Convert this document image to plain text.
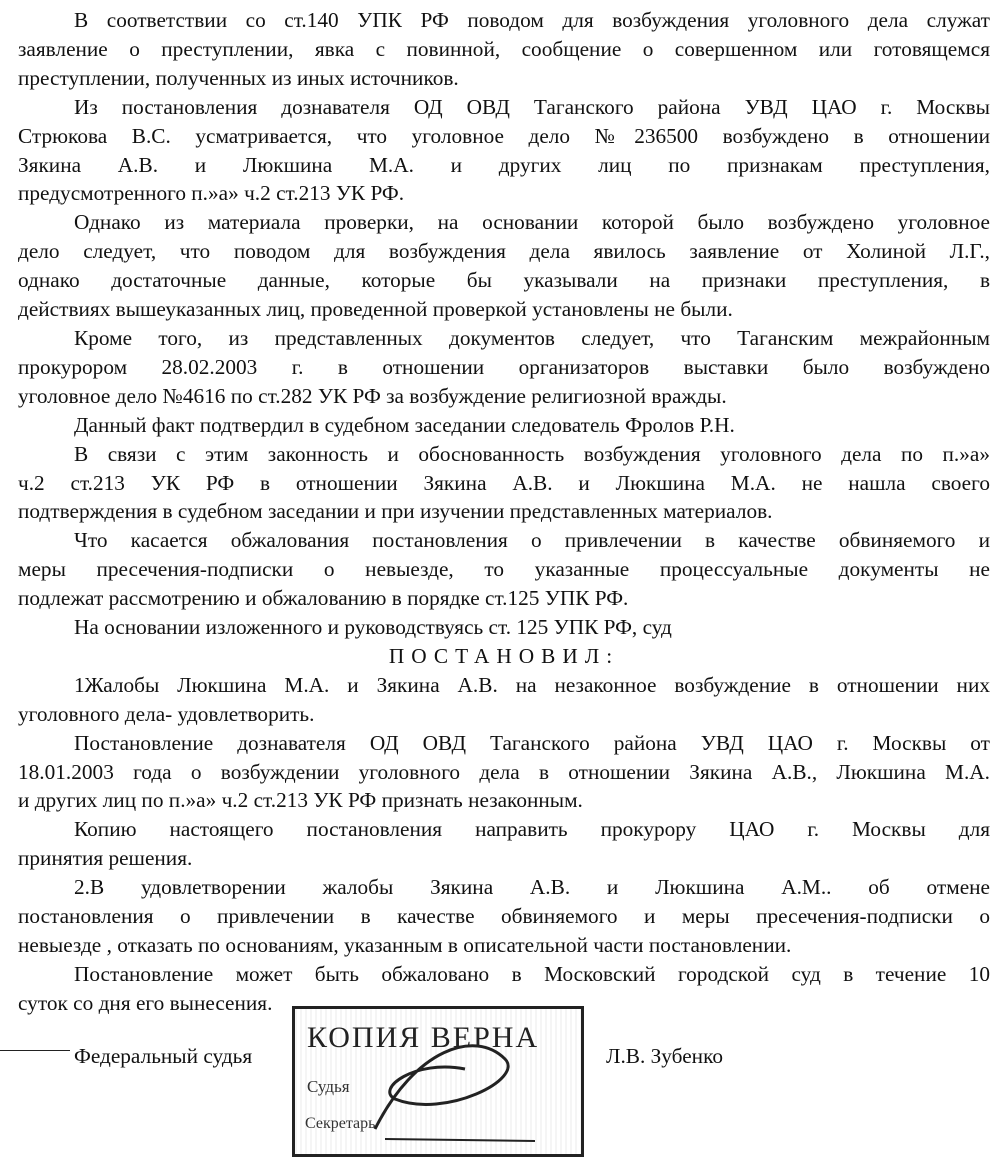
В соответствии со ст.140 УПК РФ поводом для возбуждения уголовного дела служат
заявление о преступлении, явка с повинной, сообщение о совершенном или готовящемся
преступлении, полученных из иных источников.
Из постановления дознавателя ОД ОВД Таганского района УВД ЦАО г. Москвы
Стрюкова В.С. усматривается, что уголовное дело №236500 возбуждено в отношении
Зякина А.В. и Люкшина М.А. и других лиц по признакам преступления,
предусмотренного п.»а» ч.2 ст.213 УК РФ.
Однако из материала проверки, на основании которой было возбуждено уголовное
дело следует, что поводом для возбуждения дела явилось заявление от Холиной Л.Г.,
однако достаточные данные, которые бы указывали на признаки преступления, в
действиях вышеуказанных лиц, проведенной проверкой установлены не были.
Кроме того, из представленных документов следует, что Таганским межрайонным
прокурором 28.02.2003 г. в отношении организаторов выставки было возбуждено
уголовное дело №4616 по ст.282 УК РФ за возбуждение религиозной вражды.
Данный факт подтвердил в судебном заседании следователь Фролов Р.Н.
В связи с этим законность и обоснованность возбуждения уголовного дела по п.»а»
ч.2 ст.213 УК РФ в отношении Зякина А.В. и Люкшина М.А. не нашла своего
подтверждения в судебном заседании и при изучении представленных материалов.
Что касается обжалования постановления о привлечении в качестве обвиняемого и
меры пресечения-подписки о невыезде, то указанные процессуальные документы не
подлежат рассмотрению и обжалованию в порядке ст.125 УПК РФ.
На основании изложенного и руководствуясь ст. 125 УПК РФ, суд
ПОСТАНОВИЛ:
1Жалобы Люкшина М.А. и Зякина А.В. на незаконное возбуждение в отношении них
уголовного дела- удовлетворить.
Постановление дознавателя ОД ОВД Таганского района УВД ЦАО г. Москвы от
18.01.2003 года о возбуждении уголовного дела в отношении Зякина А.В., Люкшина М.А.
и других лиц по п.»а» ч.2 ст.213 УК РФ признать незаконным.
Копию настоящего постановления направить прокурору ЦАО г. Москвы для
принятия решения.
2.В удовлетворении жалобы Зякина А.В. и Люкшина А.М.. об отмене
постановления о привлечении в качестве обвиняемого и меры пресечения-подписки о
невыезде , отказать по основаниям, указанным в описательной части постановлении.
Постановление может быть обжаловано в Московский городской суд в течение 10
суток со дня его вынесения.
Федеральный судья	Л.В. Зубенко
КОПИЯ ВЕРНА
Судья
Секретарь
